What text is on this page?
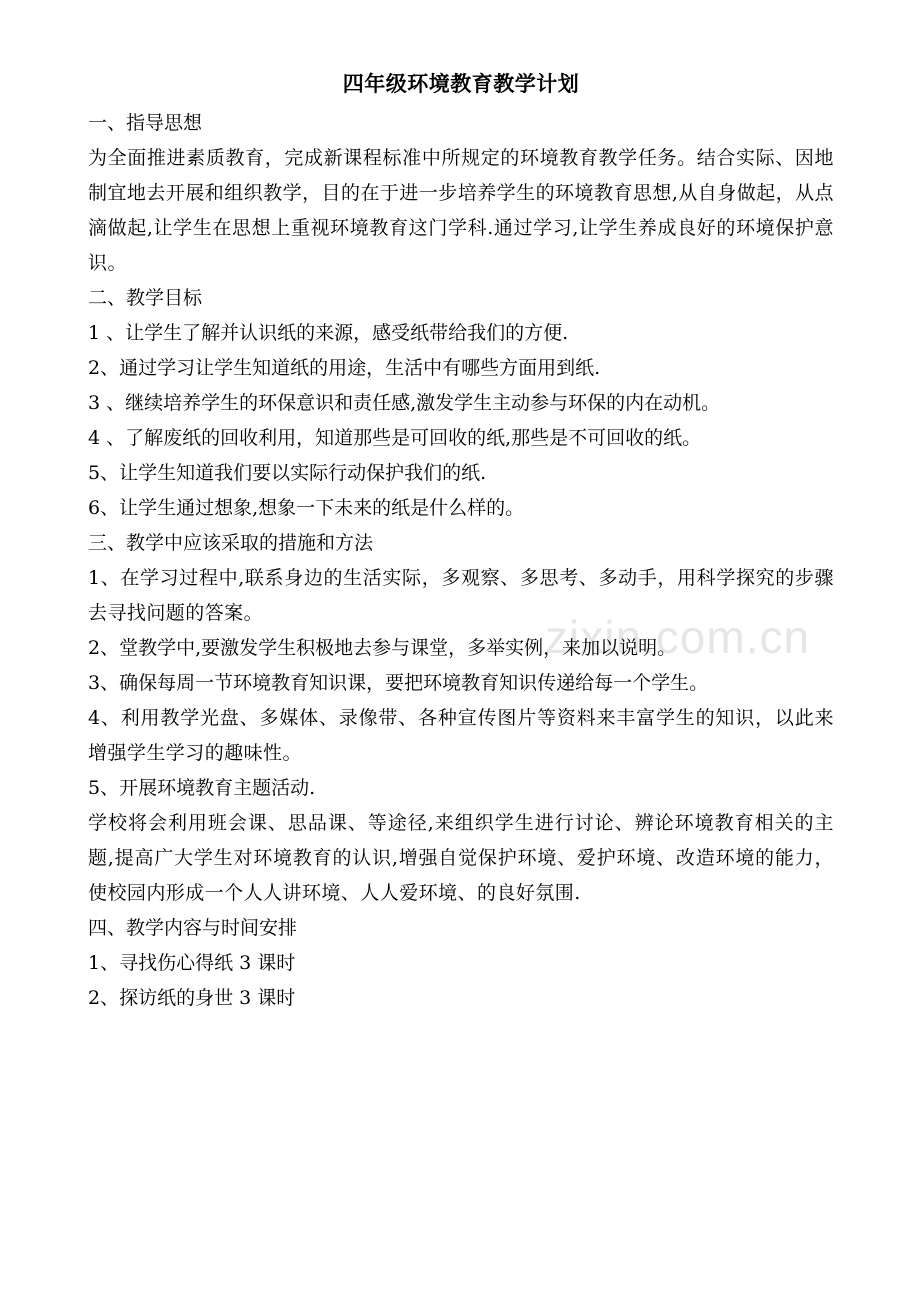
zixin.com.cn
四年级环境教育教学计划

一、指导思想

为全面推进素质教育，完成新课程标准中所规定的环境教育教学任务。结合实际、因地制宜地去开展和组织教学，目的在于进一步培养学生的环境教育思想,从自身做起，从点滴做起,让学生在思想上重视环境教育这门学科.通过学习,让学生养成良好的环境保护意识。

二、教学目标

1 、让学生了解并认识纸的来源，感受纸带给我们的方便.

2、通过学习让学生知道纸的用途，生活中有哪些方面用到纸.

3 、继续培养学生的环保意识和责任感,激发学生主动参与环保的内在动机。

4 、了解废纸的回收利用，知道那些是可回收的纸,那些是不可回收的纸。

5、让学生知道我们要以实际行动保护我们的纸.

6、让学生通过想象,想象一下未来的纸是什么样的。

三、教学中应该采取的措施和方法

1、在学习过程中,联系身边的生活实际，多观察、多思考、多动手，用科学探究的步骤去寻找问题的答案。

2、堂教学中,要激发学生积极地去参与课堂，多举实例，来加以说明。

3、确保每周一节环境教育知识课，要把环境教育知识传递给每一个学生。

4、利用教学光盘、多媒体、录像带、各种宣传图片等资料来丰富学生的知识，以此来增强学生学习的趣味性。

5、开展环境教育主题活动.

学校将会利用班会课、思品课、等途径,来组织学生进行讨论、辨论环境教育相关的主题,提高广大学生对环境教育的认识,增强自觉保护环境、爱护环境、改造环境的能力，使校园内形成一个人人讲环境、人人爱环境、的良好氛围.

四、教学内容与时间安排

1、寻找伤心得纸 3 课时

2、探访纸的身世 3 课时
